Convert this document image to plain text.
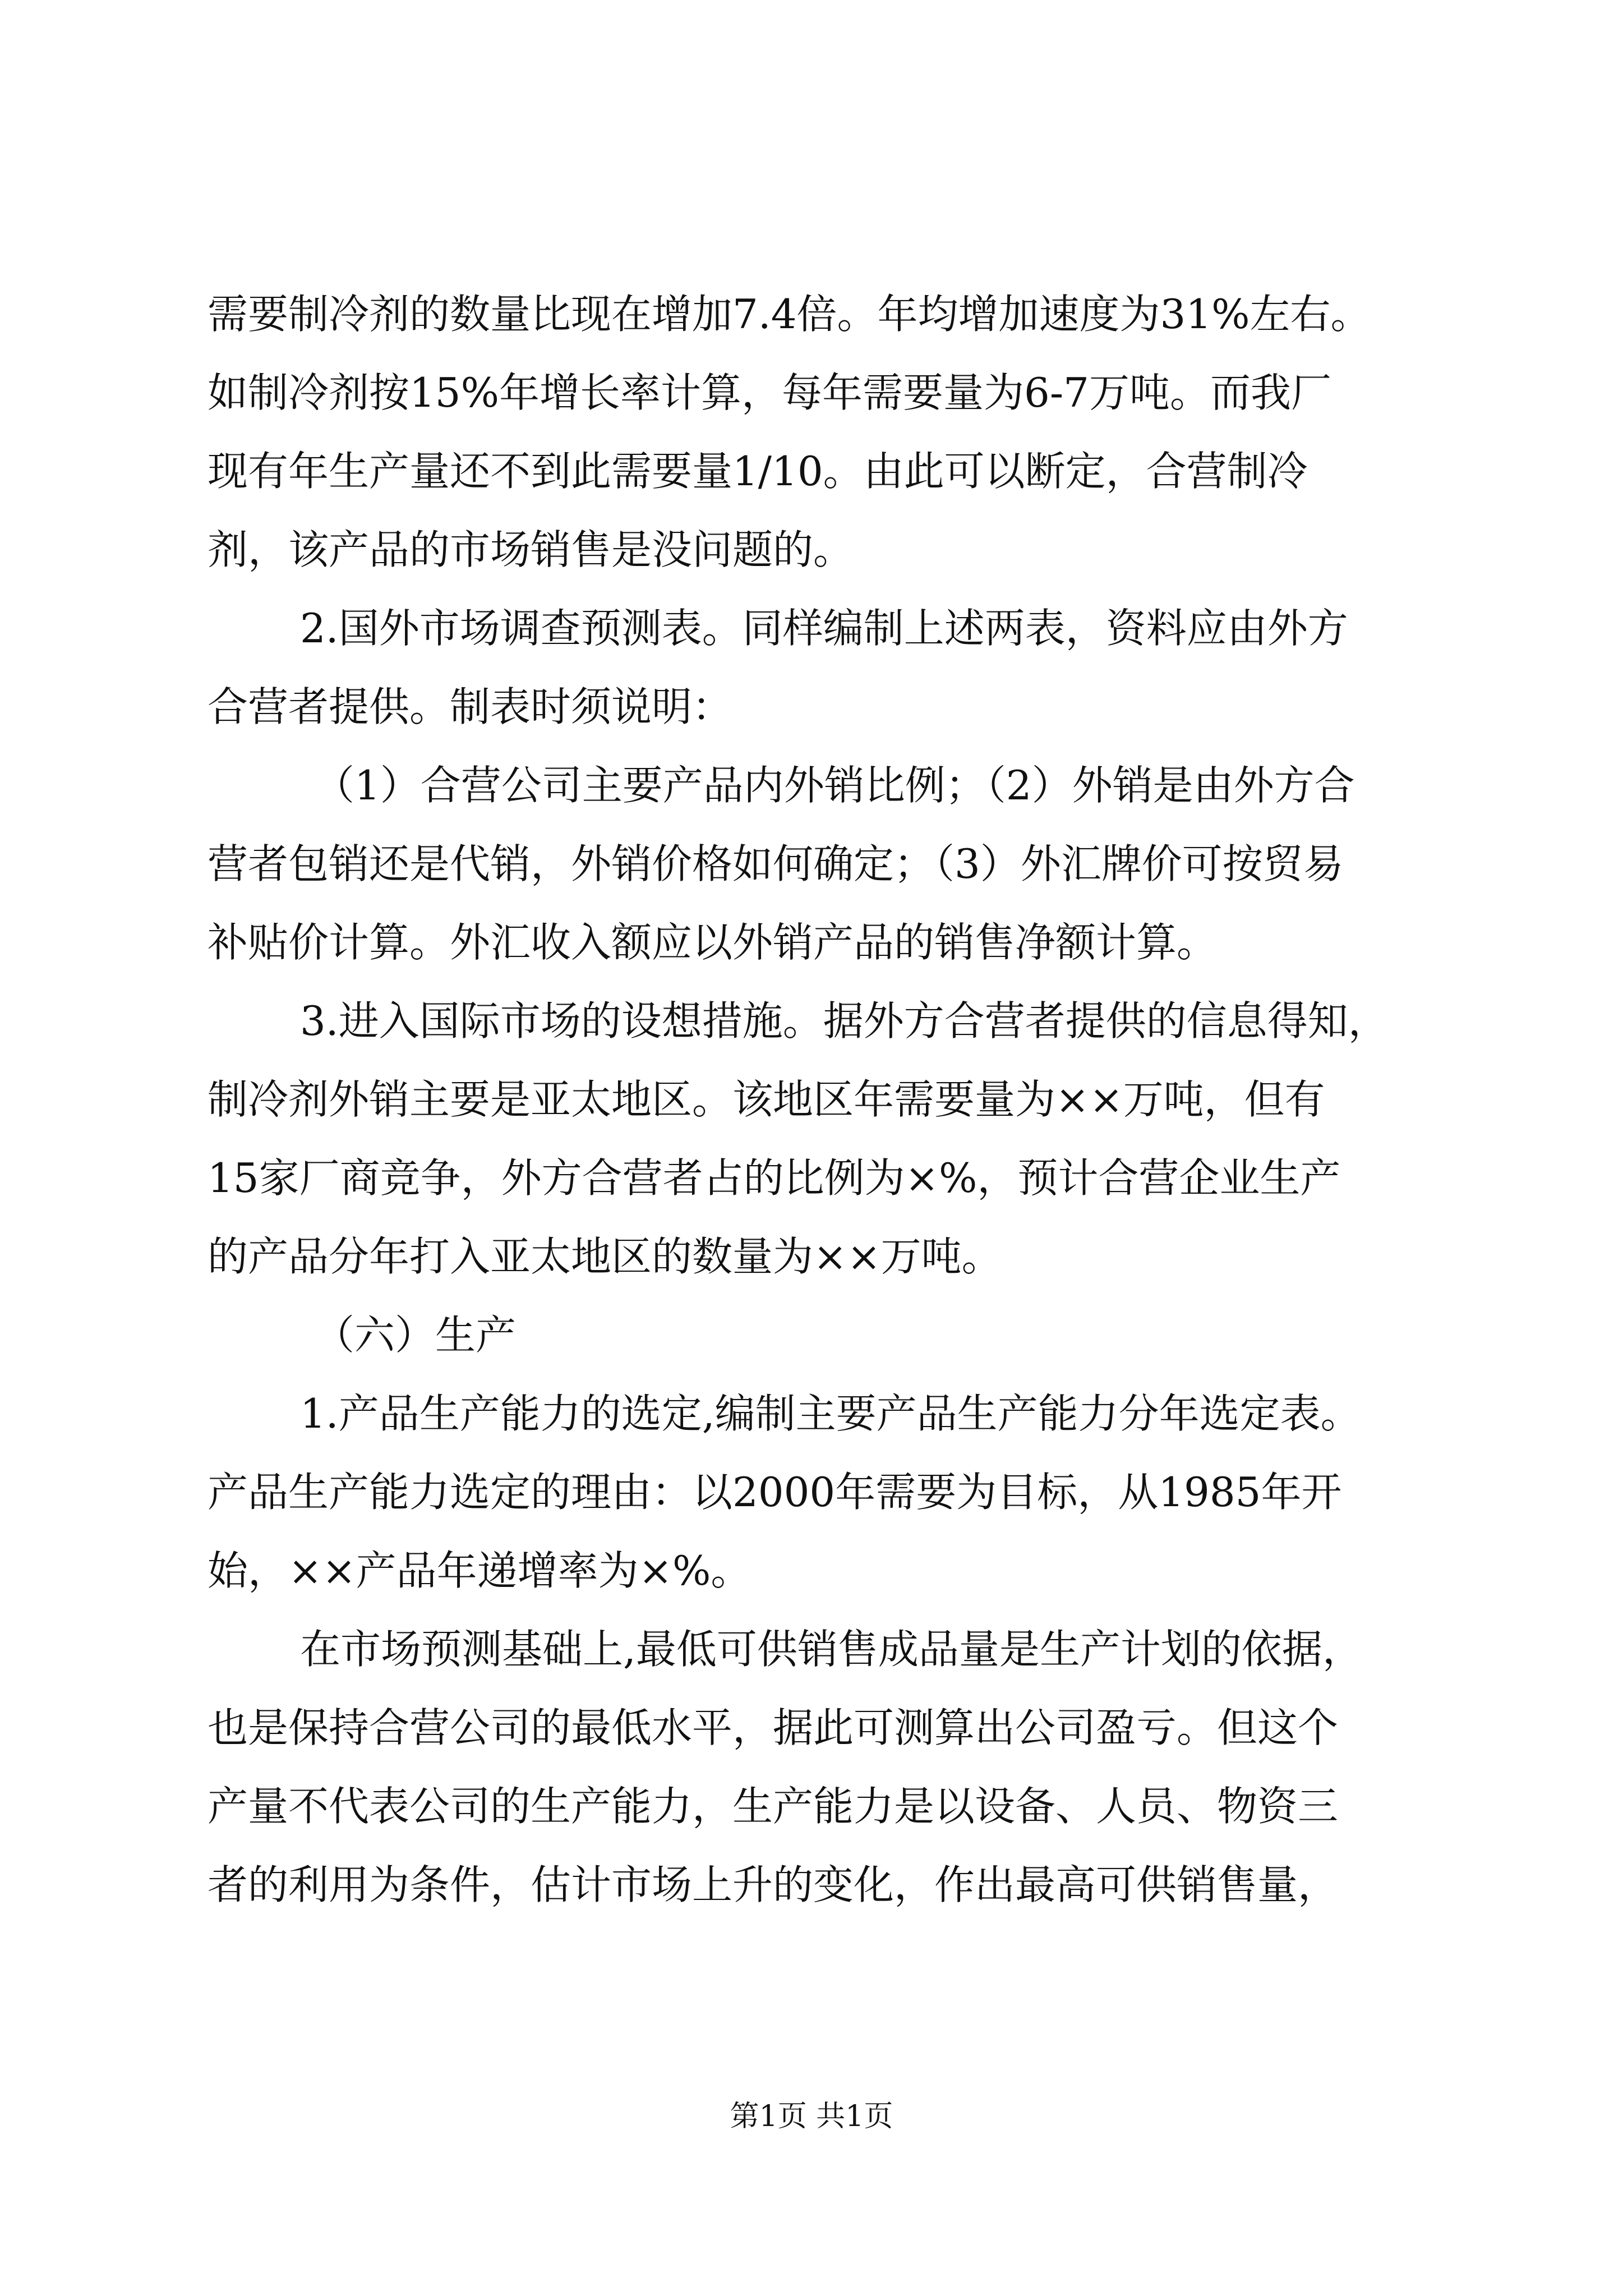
需要制冷剂的数量比现在增加7.4倍。年均增加速度为31%左右。
如制冷剂按15%年增长率计算，每年需要量为6-7万吨。而我厂
现有年生产量还不到此需要量1/10。由此可以断定，合营制冷
剂，该产品的市场销售是没问题的。
2.国外市场调查预测表。同样编制上述两表，资料应由外方
合营者提供。制表时须说明：
（1）合营公司主要产品内外销比例；（2）外销是由外方合
营者包销还是代销，外销价格如何确定；（3）外汇牌价可按贸易
补贴价计算。外汇收入额应以外销产品的销售净额计算。
3.进入国际市场的设想措施。据外方合营者提供的信息得知，
制冷剂外销主要是亚太地区。该地区年需要量为××万吨，但有
15家厂商竞争，外方合营者占的比例为×%，预计合营企业生产
的产品分年打入亚太地区的数量为××万吨。
（六）生产
1.产品生产能力的选定,编制主要产品生产能力分年选定表。
产品生产能力选定的理由：以2000年需要为目标，从1985年开
始，××产品年递增率为×%。
在市场预测基础上,最低可供销售成品量是生产计划的依据，
也是保持合营公司的最低水平，据此可测算出公司盈亏。但这个
产量不代表公司的生产能力，生产能力是以设备、人员、物资三
者的利用为条件，估计市场上升的变化，作出最高可供销售量，
第1页 共1页
